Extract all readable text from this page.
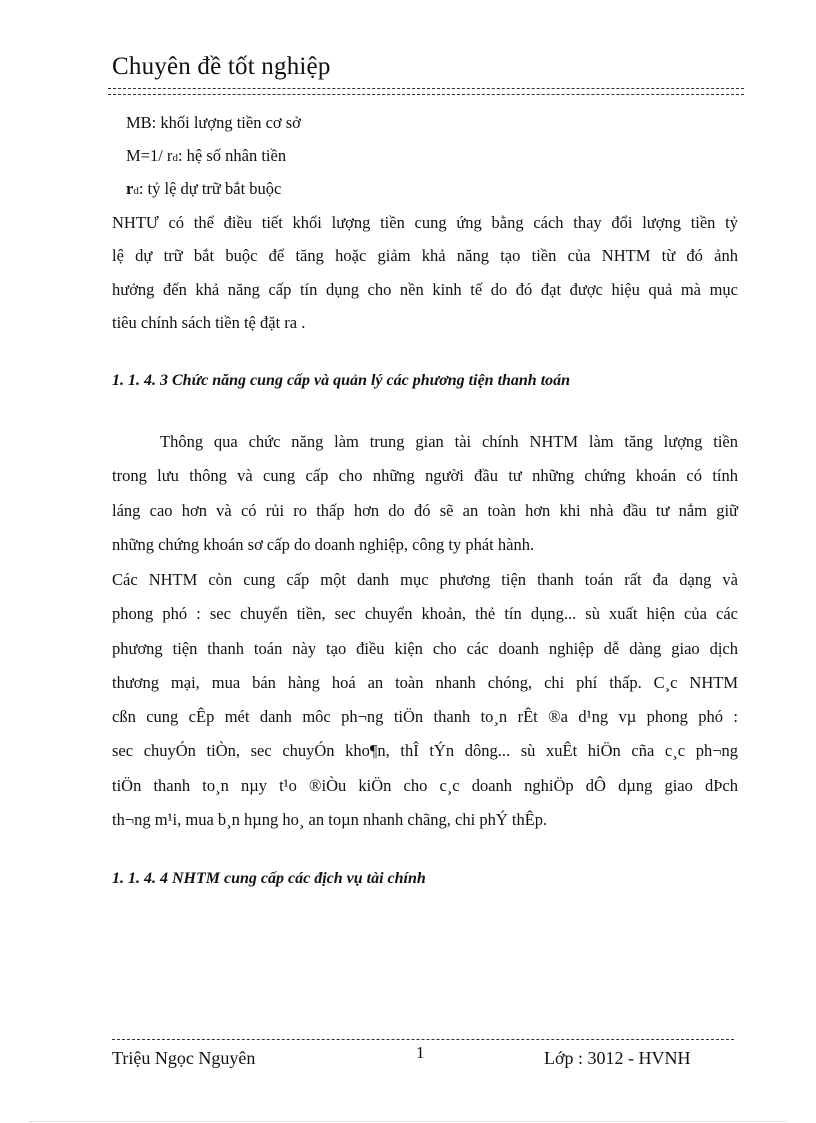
Chuyên đề tốt nghiệp
MB: khối lượng tiền cơ sở
M=1/ rd: hệ số nhân tiền
rd: tỷ lệ dự trữ bắt buộc
NHTƯ có thể điều tiết khối lượng tiền cung ứng bằng cách thay đổi lượng tiền tỷ
lệ dự trữ bắt buộc để tăng hoặc giảm khả năng tạo tiền của NHTM từ đó ảnh
hưởng đến khả năng cấp tín dụng cho nền kinh tế do đó đạt được hiệu quả mà mục
tiêu chính sách tiền tệ đặt ra .
1. 1. 4. 3 Chức năng cung cấp và quản lý các phương tiện thanh toán
Thông qua chức năng làm trung gian tài chính NHTM làm tăng lượng tiền
trong lưu thông và cung cấp cho những người đầu tư những chứng khoán có tính
láng cao hơn và có rủi ro thấp hơn do đó sẽ an toàn hơn khi nhà đầu tư nắm giữ
những chứng khoán sơ cấp do doanh nghiệp, công ty phát hành.
Các NHTM còn cung cấp một danh mục phương tiện thanh toán rất đa dạng và
phong phó : sec chuyển tiền, sec chuyển khoản, thẻ tín dụng... sù xuất hiện của các
phương tiện thanh toán này tạo điều kiện cho các doanh nghiệp dễ dàng giao dịch
thương mại, mua bán hàng hoá an toàn nhanh chóng, chi phí thấp. C¸c NHTM
cßn cung cÊp mét danh môc ph¬ng tiÖn thanh to¸n rÊt ®a d¹ng vµ phong phó :
sec chuyÓn tiÒn, sec chuyÓn kho¶n, thÎ tÝn dông... sù xuÊt hiÖn cña c¸c ph¬ng
tiÖn thanh to¸n nµy t¹o ®iÒu kiÖn cho c¸c doanh nghiÖp dÔ dµng giao dÞch
th¬ng m¹i, mua b¸n hµng ho¸ an toµn nhanh chãng, chi phÝ thÊp.
1. 1. 4. 4 NHTM cung cấp các địch vụ tài chính
Triệu Ngọc Nguyên	1	Lớp : 3012 - HVNH
